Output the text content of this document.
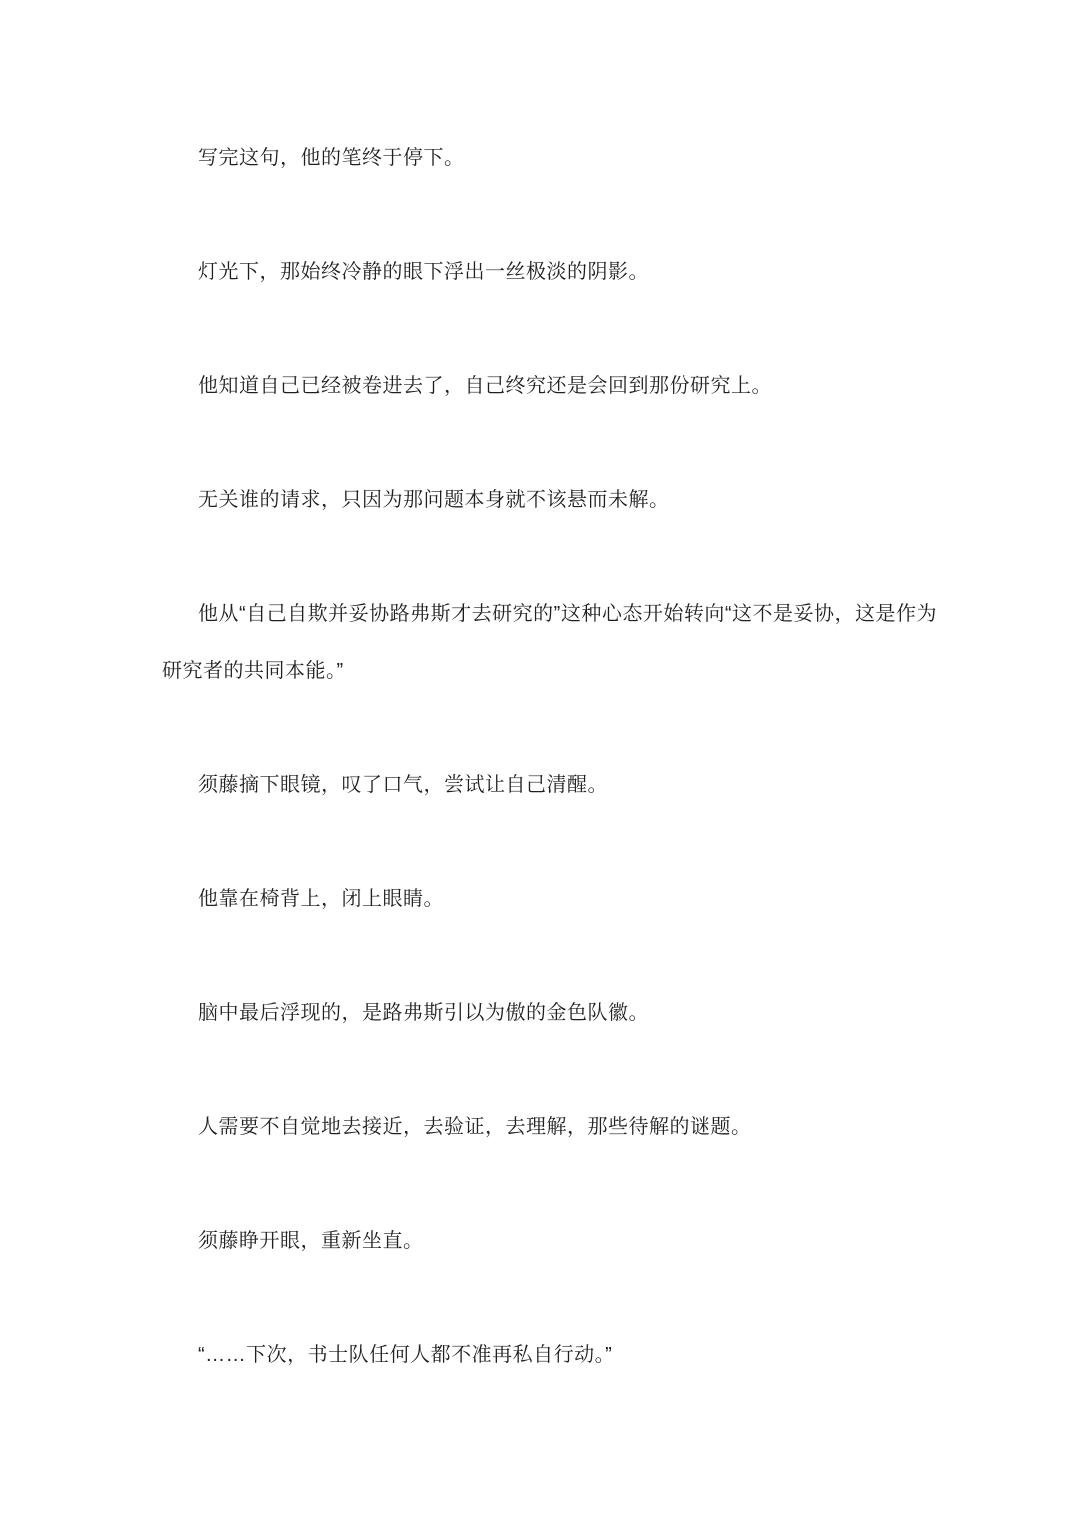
写完这句，他的笔终于停下。

灯光下，那始终冷静的眼下浮出一丝极淡的阴影。

他知道自己已经被卷进去了，自己终究还是会回到那份研究上。

无关谁的请求，只因为那问题本身就不该悬而未解。

他从“自己自欺并妥协路弗斯才去研究的”这种心态开始转向“这不是妥协，这是作为研究者的共同本能。”

须藤摘下眼镜，叹了口气，尝试让自己清醒。

他靠在椅背上，闭上眼睛。

脑中最后浮现的，是路弗斯引以为傲的金色队徽。

人需要不自觉地去接近，去验证，去理解，那些待解的谜题。

须藤睁开眼，重新坐直。

“……下次，书士队任何人都不准再私自行动。”
